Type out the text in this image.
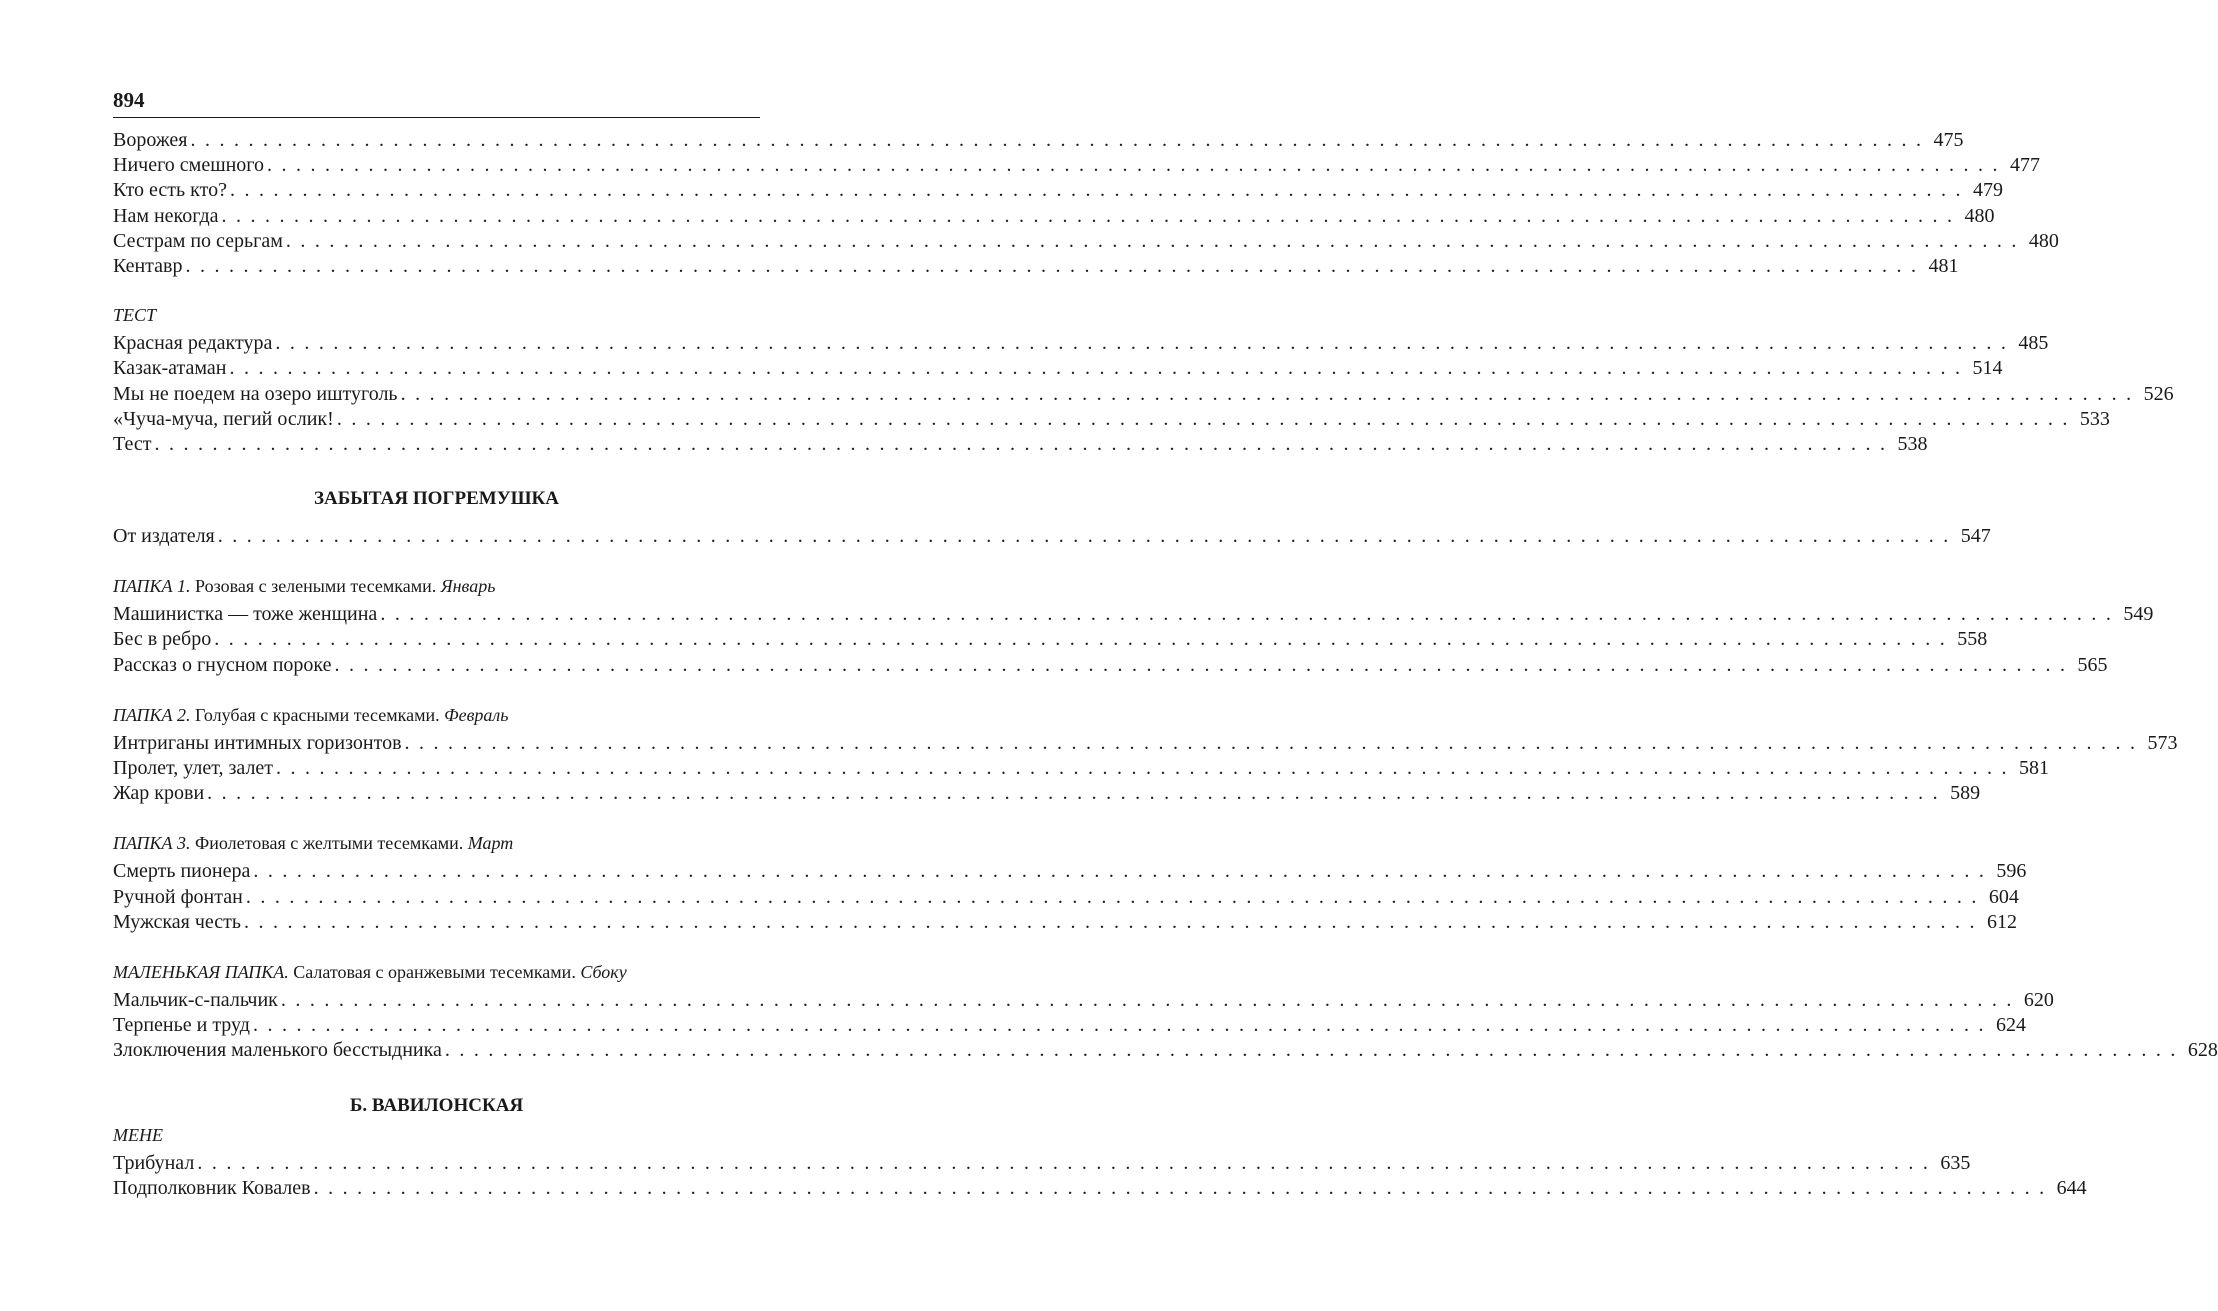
894
Ворожея ........................................................................................................................ 475
Ничего смешного ........................................................................................................................ 477
Кто есть кто? ........................................................................................................................ 479
Нам некогда ........................................................................................................................ 480
Сестрам по серьгам ........................................................................................................................ 480
Кентавр ........................................................................................................................ 481
ТЕСТ
Красная редактура ........................................................................................................................ 485
Казак-атаман ........................................................................................................................ 514
Мы не поедем на озеро иштуголь ........................................................................................................................ 526
«Чуча-муча, пегий ослик! ........................................................................................................................ 533
Тест ........................................................................................................................ 538
ЗАБЫТАЯ ПОГРЕМУШКА
От издателя ........................................................................................................................ 547
ПАПКА 1. Розовая с зелеными тесемками. Январь
Машинистка — тоже женщина ........................................................................................................................ 549
Бес в ребро ........................................................................................................................ 558
Рассказ о гнусном пороке ........................................................................................................................ 565
ПАПКА 2. Голубая с красными тесемками. Февраль
Интриганы интимных горизонтов ........................................................................................................................ 573
Пролет, улет, залет ........................................................................................................................ 581
Жар крови ........................................................................................................................ 589
ПАПКА 3. Фиолетовая с желтыми тесемками. Март
Смерть пионера ........................................................................................................................ 596
Ручной фонтан ........................................................................................................................ 604
Мужская честь ........................................................................................................................ 612
МАЛЕНЬКАЯ ПАПКА. Салатовая с оранжевыми тесемками. Сбоку
Мальчик-с-пальчик ........................................................................................................................ 620
Терпенье и труд ........................................................................................................................ 624
Злоключения маленького бесстыдника ........................................................................................................................ 628
Б. ВАВИЛОНСКАЯ
МЕНЕ
Трибунал ........................................................................................................................ 635
Подполковник Ковалев ........................................................................................................................ 644
